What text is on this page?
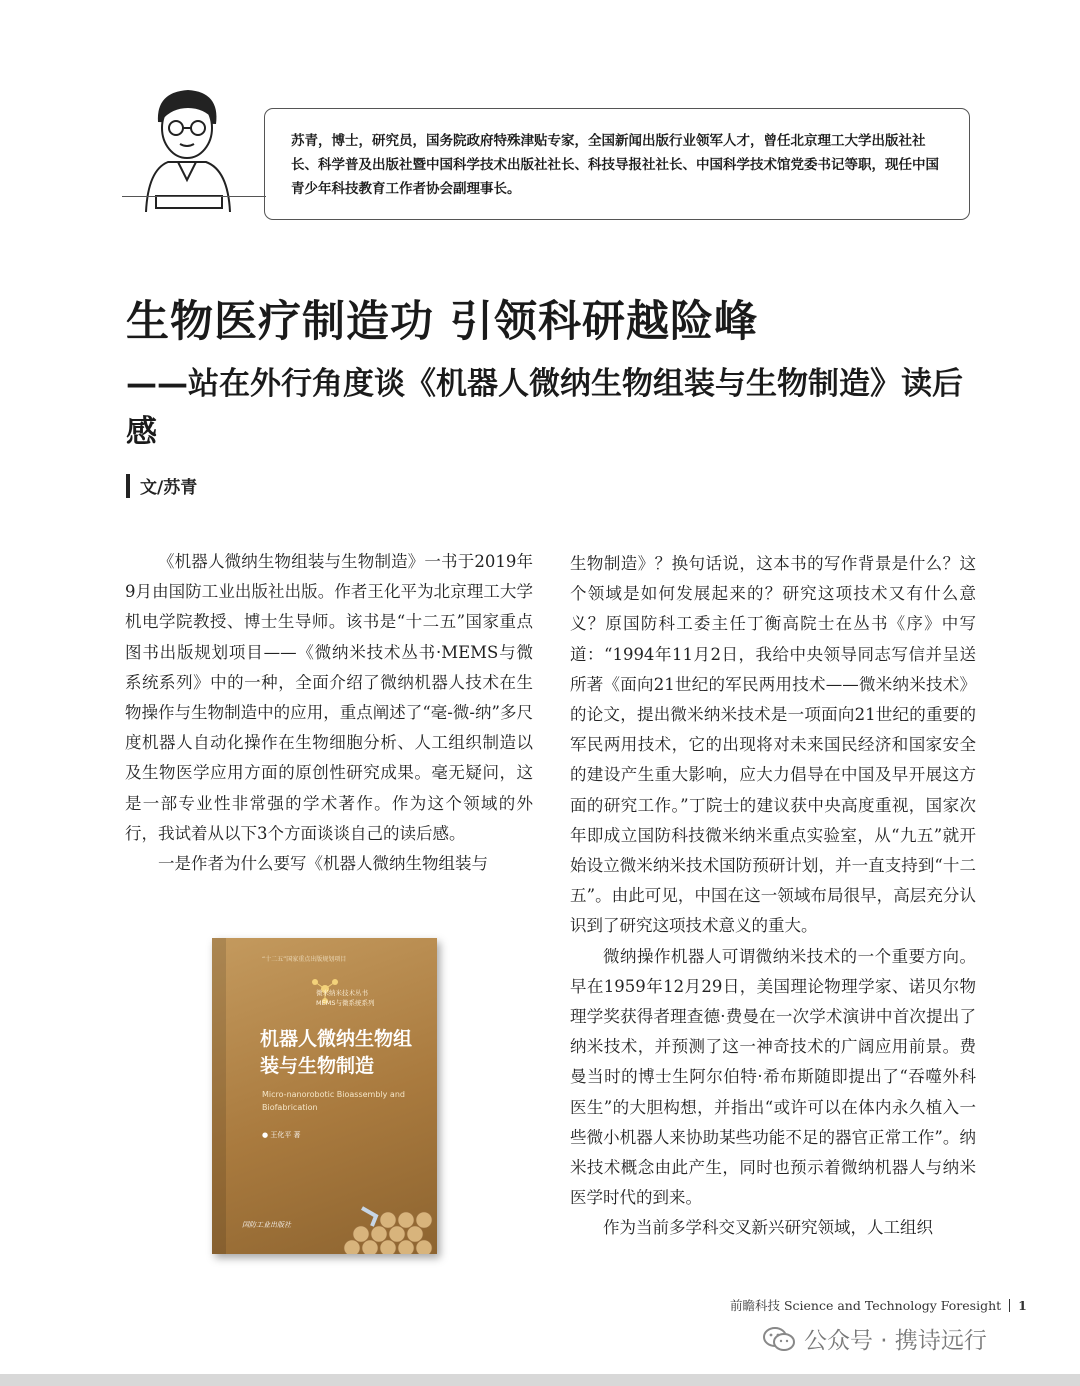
苏青，博士，研究员，国务院政府特殊津贴专家，全国新闻出版行业领军人才，曾任北京理工大学出版社社长、科学普及出版社暨中国科学技术出版社社长、科技导报社社长、中国科学技术馆党委书记等职，现任中国青少年科技教育工作者协会副理事长。
生物医疗制造功 引领科研越险峰
——站在外行角度谈《机器人微纳生物组装与生物制造》读后感
文/苏青

《机器人微纳生物组装与生物制造》一书于2019年9月由国防工业出版社出版。作者王化平为北京理工大学机电学院教授、博士生导师。该书是“十二五”国家重点图书出版规划项目——《微纳米技术丛书·MEMS与微系统系列》中的一种，全面介绍了微纳机器人技术在生物操作与生物制造中的应用，重点阐述了“毫-微-纳”多尺度机器人自动化操作在生物细胞分析、人工组织制造以及生物医学应用方面的原创性研究成果。毫无疑问，这是一部专业性非常强的学术著作。作为这个领域的外行，我试着从以下3个方面谈谈自己的读后感。

一是作者为什么要写《机器人微纳生物组装与

“十二五”国家重点出版规划项目
微米纳米技术丛书
MEMS与微系统系列
机器人微纳生物组装与生物制造
Micro-nanorobotic Bioassembly and Biofabrication
● 王化平 著
国防工业出版社

生物制造》？换句话说，这本书的写作背景是什么？这个领域是如何发展起来的？研究这项技术又有什么意义？原国防科工委主任丁衡高院士在丛书《序》中写道：“1994年11月2日，我给中央领导同志写信并呈送所著《面向21世纪的军民两用技术——微米纳米技术》的论文，提出微米纳米技术是一项面向21世纪的重要的军民两用技术，它的出现将对未来国民经济和国家安全的建设产生重大影响，应大力倡导在中国及早开展这方面的研究工作。”丁院士的建议获中央高度重视，国家次年即成立国防科技微米纳米重点实验室，从“九五”就开始设立微米纳米技术国防预研计划，并一直支持到“十二五”。由此可见，中国在这一领域布局很早，高层充分认识到了研究这项技术意义的重大。

微纳操作机器人可谓微纳米技术的一个重要方向。早在1959年12月29日，美国理论物理学家、诺贝尔物理学奖获得者理查德·费曼在一次学术演讲中首次提出了纳米技术，并预测了这一神奇技术的广阔应用前景。费曼当时的博士生阿尔伯特·希布斯随即提出了“吞噬外科医生”的大胆构想，并指出“或许可以在体内永久植入一些微小机器人来协助某些功能不足的器官正常工作”。纳米技术概念由此产生，同时也预示着微纳机器人与纳米医学时代的到来。

作为当前多学科交叉新兴研究领域，人工组织

前瞻科技 Science and Technology Foresight 1
公众号 · 携诗远行
